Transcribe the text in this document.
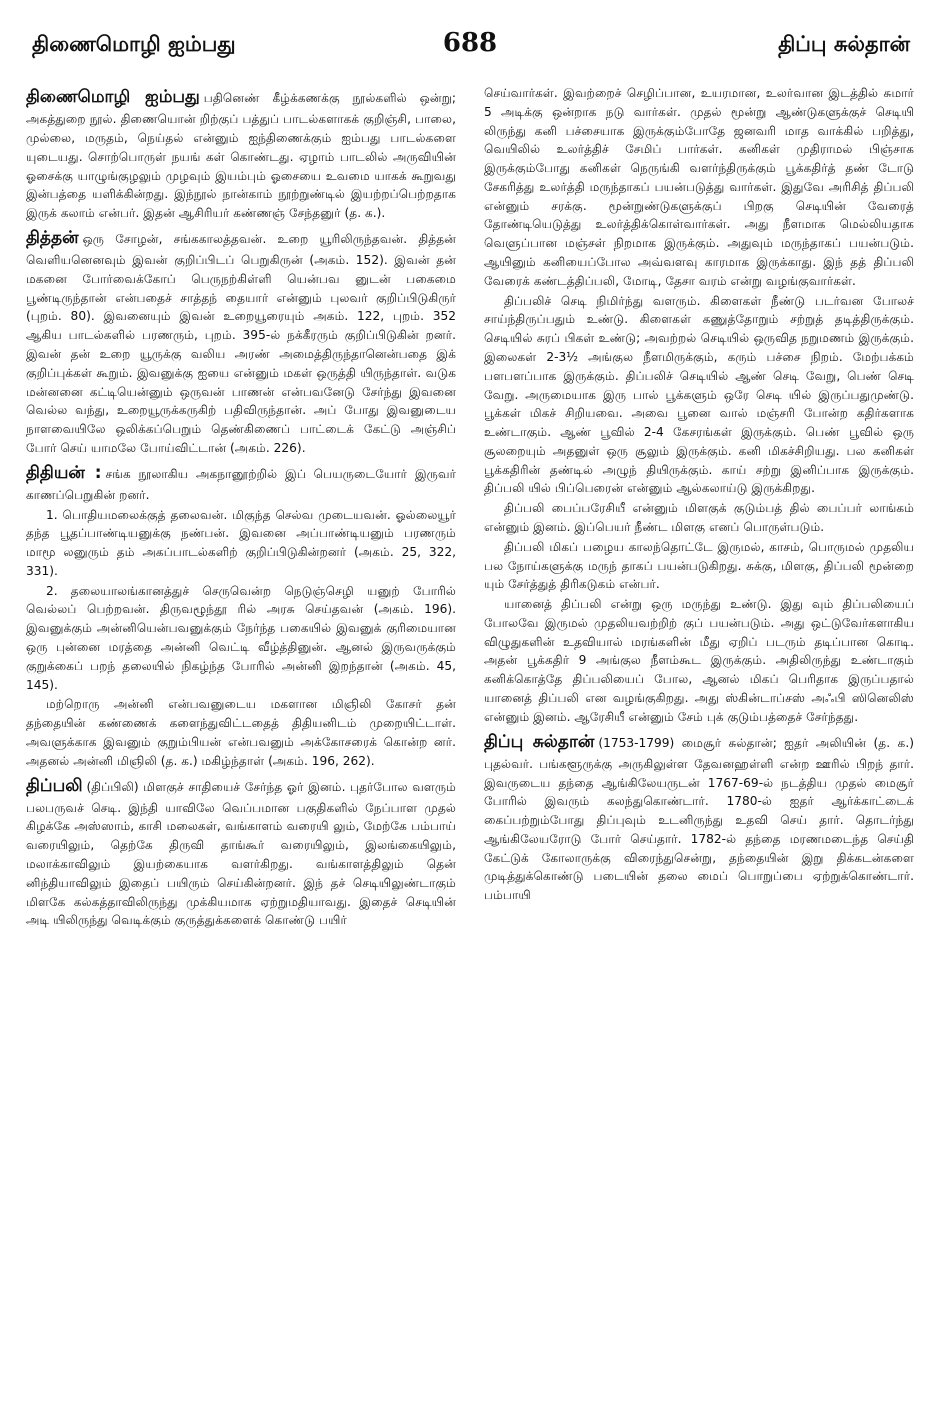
திணைமொழி ஐம்பது	688	திப்பு சுல்தான்

திணைமொழி ஐம்பது பதினெண் கீழ்க்கணக்கு நூல்களில் ஒன்று; அகத்துறை நூல். திணையொன் றிற்குப் பத்துப் பாடல்களாகக் குறிஞ்சி, பாலை, முல்லை, மருதம், நெய்தல் என்னும் ஐந்திணைக்கும் ஐம்பது பாடல்களை யுடையது. சொற்பொருள் நயங் கள் கொண்டது. ஏழாம் பாடலில் அருவியின் ஓசைக்கு யாழுங்குழலும் முழவும் இயம்பும் ஓசையை உவமை யாகக் கூறுவது இன்பத்தை யளிக்கின்றது. இந்நூல் நான்காம் நூற்றுண்டில் இயற்றப்பெற்றதாக இருக் கலாம் என்பர். இதன் ஆசிரியர் கண்ணஞ் சேந்தனுர் (த. க.).

தித்தன் ஒரு சோழன், சங்ககாலத்தவன். உறை யூரிலிருந்தவன். தித்தன் வெளியனெனவும் இவன் குறிப்பிடப் பெறுகிருன் (அகம். 152). இவன் தன் மகனை போர்வைக்கோப் பெருநற்கிள்ளி யென்பவ னுடன் பகைமை பூண்டிருந்தான் என்பதைச் சாத்தந் தையார் என்னும் புலவர் குறிப்பிடுகிருர் (புறம். 80). இவனையும் இவன் உறையூரையும் அகம். 122, புறம். 352 ஆகிய பாடல்களில் பரணரும், புறம். 395-ல் நக்கீரரும் குறிப்பிடுகின் றனர். இவன் தன் உறை யூருக்கு வலிய அரண் அமைத்திருந்தானென்பதை இக் குறிப்புக்கள் கூறும். இவனுக்கு ஐயை என்னும் மகள் ஒருத்தி யிருந்தாள். வடுக மன்னனை கட்டியென்னும் ஒருவன் பாணன் என்பவனேடு சேர்ந்து இவனை வெல்ல வந்து, உறையூருக்கருகிற் பதிவிருந்தான். அப் போது இவனுடைய நாளவையிலே ஒலிக்கப்பெறும் தெண்கிணைப் பாட்டைக் கேட்டு அஞ்சிப் போர் செய் யாமலே போய்விட்டான் (அகம். 226).

திதியன் : சங்க நூலாகிய அகநானூற்றில் இப் பெயருடையோர் இருவர் காணப்பெறுகின் றனர்.

1. பொதியமலைக்குத் தலைவன். மிகுந்த செல்வ முடையவன். ஓல்லையூர் தந்த பூதப்பாண்டியனுக்கு நண்பன். இவனை அப்பாண்டியனும் பரணரும் மாமூ லனுரும் தம் அகப்பாடல்களிற் குறிப்பிடுகின்றனர் (அகம். 25, 322, 331).

2. தலையாலங்கானத்துச் செருவென்ற நெடுஞ்செழி யனுற் போரில் வெல்லப் பெற்றவன். திருவழூந்தூ ரில் அரசு செய்தவன் (அகம். 196). இவனுக்கும் அன்னியென்பவனுக்கும் நேர்ந்த பகையில் இவனுக் குரிமையான ஒரு புன்னை மரத்தை அன்னி வெட்டி வீழ்த்தினுன். ஆனல் இருவருக்கும் குறுக்கைப் பறந் தலையில் நிகழ்ந்த போரில் அன்னி இறந்தான் (அகம். 45, 145).

மற்றொரு அன்னி என்பவனுடைய மகளான மிஞிலி கோசர் தன் தந்தையின் கண்ணைக் களைந்துவிட்டதைத் திதியனிடம் முறையிட்டாள். அவளுக்காக இவனும் குறும்பியன் என்பவனும் அக்கோசரைக் கொன்ற னர். அதனல் அன்னி மிஞிலி (த. க.) மகிழ்ந்தாள் (அகம். 196, 262).

திப்பலி (திப்பிலி) மிளகுச் சாதியைச் சேர்ந்த ஓர் இனம். புதர்போல வளரும் பலபருவச் செடி. இந்தி யாவிலே வெப்பமான பகுதிகளில் நேப்பாள முதல் கிழக்கே அஸ்ஸாம், காசி மலைகள், வங்காளம் வரையி லும், மேற்கே பம்பாய் வரையிலும், தெற்கே திருவி தாங்கூர் வரையிலும், இலங்கையிலும், மலாக்காவிலும் இயற்கையாக வளர்கிறது. வங்காளத்திலும் தென் னிந்தியாவிலும் இதைப் பயிரும் செய்கின்றனர். இந் தச் செடியிலுண்டாகும் மிளகே கல்கத்தாவிலிருந்து முக்கியமாக ஏற்றுமதியாவது. இதைச் செடியின் அடி யிலிருந்து வெடிக்கும் குருத்துக்களைக் கொண்டு பயிர்

செய்வார்கள். இவற்றைச் செழிப்பான, உயரமான, உலர்வான இடத்தில் சுமார் 5 அடிக்கு ஒன்றாக நடு வார்கள். முதல் மூன்று ஆண்டுகளுக்குச் செடியி லிருந்து கனி பச்சையாக இருக்கும்போதே ஜனவரி மாத வாக்கில் பறித்து, வெயிலில் உலர்த்திச் சேமிப் பார்கள். கனிகள் முதிராமல் பிஞ்சாக இருக்கும்போது கனிகள் நெருங்கி வளர்ந்திருக்கும் பூக்கதிர்த் தண் டோடு சேகரித்து உலர்த்தி மருந்தாகப் பயன்படுத்து வார்கள். இதுவே அரிசித் திப்பலி என்னும் சரக்கு. மூன்றுண்டுகளுக்குப் பிறகு செடியின் வேரைத் தோண்டியெடுத்து உலர்த்திக்கொள்வார்கள். அது நீளமாக மெல்லியதாக வெளுப்பான மஞ்சள் நிறமாக இருக்கும். அதுவும் மருந்தாகப் பயன்படும். ஆயினும் கனியைப்போல அவ்வளவு காரமாக இருக்காது. இந் தத் திப்பலி வேரைக் கண்டத்திப்பலி, மோடி, தேசா வரம் என்று வழங்குவார்கள்.

திப்பலிச் செடி நிமிர்ந்து வளரும். கிளைகள் நீண்டு படர்வன போலச் சாய்ந்திருப்பதும் உண்டு. கிளைகள் கணுத்தோறும் சற்றுத் தடித்திருக்கும். செடியில் சுரப் பிகள் உண்டு; அவற்றல் செடியில் ஒருவித நறுமணம் இருக்கும். இலைகள் 2-3½ அங்குல நீளமிருக்கும், கரும் பச்சை நிறம். மேற்பக்கம் பளபளப்பாக இருக்கும். திப்பலிச் செடியில் ஆண் செடி வேறு, பெண் செடி வேறு. அருமையாக இரு பால் பூக்களும் ஒரே செடி யில் இருப்பதுமுண்டு. பூக்கள் மிகச் சிறியவை. அவை பூனை வால் மஞ்சரி போன்ற கதிர்களாக உண்டாகும். ஆண் பூவில் 2-4 கேசரங்கள் இருக்கும். பெண் பூவில் ஒரு சூலறையும் அதனுள் ஒரு சூலும் இருக்கும். கனி மிகச்சிறியது. பல கனிகள் பூக்கதிரின் தண்டில் அழுந் தியிருக்கும். காய் சற்று இனிப்பாக இருக்கும். திப்பலி யில் பிப்பெரைன் என்னும் ஆல்கலாய்டு இருக்கிறது.

திப்பலி பைப்பரேசியீ என்னும் மிளகுக் குடும்பத் தில் பைப்பர் லாங்கம் என்னும் இனம். இப்பெயர் நீண்ட மிளகு எனப் பொருள்படும்.

திப்பலி மிகப் பழைய காலந்தொட்டே இருமல், காசம், பொருமல் முதலிய பல நோய்களுக்கு மருந் தாகப் பயன்படுகிறது. சுக்கு, மிளகு, திப்பலி மூன்றை யும் சேர்த்துத் திரிகடுகம் என்பர்.

யானைத் திப்பலி என்று ஒரு மருந்து உண்டு. இது வும் திப்பலியைப் போலவே இருமல் முதலியவற்றிற் குப் பயன்படும். அது ஒட்டுவேர்களாகிய விழுதுகளின் உதவியால் மரங்களின் மீது ஏறிப் படரும் தடிப்பான கொடி. அதன் பூக்கதிர் 9 அங்குல நீளம்கூட இருக்கும். அதிலிருந்து உண்டாகும் கனிக்கொத்தே திப்பலியைப் போல, ஆனல் மிகப் பெரிதாக இருப்பதால் யானைத் திப்பலி என வழங்குகிறது. அது ஸ்கின்டாப்சஸ் அஃபி ஸினெலிஸ் என்னும் இனம். ஆரேசியீ என்னும் சேம் புக் குடும்பத்தைச் சேர்ந்தது.

திப்பு சுல்தான் (1753-1799) மைசூர் சுல்தான்; ஐதர் அலியின் (த. க.) புதல்வர். பங்களூருக்கு அருகிலுள்ள தேவனஹள்ளி என்ற ஊரில் பிறந் தார். இவருடைய தந்தை ஆங்கிலேயருடன் 1767-69-ல் நடத்திய முதல் மைசூர் போரில் இவரும் கலந்துகொண்டார். 1780-ல் ஐதர் ஆர்க்காட்டைக் கைப்பற்றும்போது திப்புவும் உடனிருந்து உதவி செய் தார். தொடர்ந்து ஆங்கிலேயரோடு போர் செய்தார். 1782-ல் தந்தை மரணமடைந்த செய்தி கேட்டுக் கோலாருக்கு விரைந்துசென்று, தந்தையின் இறு திக்கடன்களை முடித்துக்கொண்டு படையின் தலை மைப் பொறுப்பை ஏற்றுக்கொண்டார். பம்பாயி
